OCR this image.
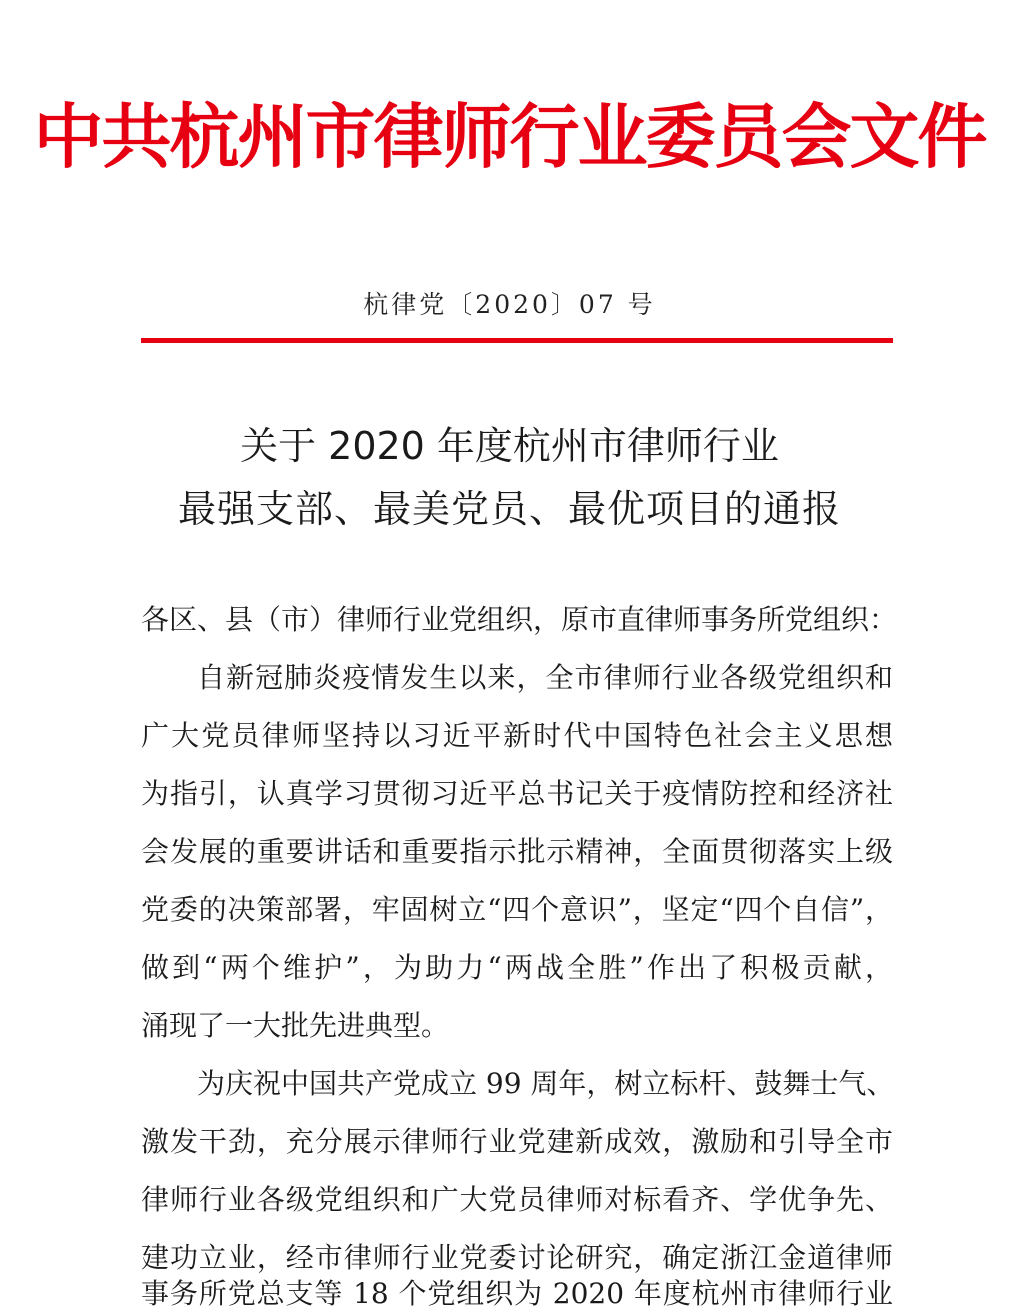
中共杭州市律师行业委员会文件
杭律党〔2020〕07 号
关于 2020 年度杭州市律师行业
最强支部、最美党员、最优项目的通报
各区、县（市）律师行业党组织，原市直律师事务所党组织：
自新冠肺炎疫情发生以来，全市律师行业各级党组织和
广大党员律师坚持以习近平新时代中国特色社会主义思想
为指引，认真学习贯彻习近平总书记关于疫情防控和经济社
会发展的重要讲话和重要指示批示精神，全面贯彻落实上级
党委的决策部署，牢固树立“四个意识”，坚定“四个自信”，
做到“两个维护”，为助力“两战全胜”作出了积极贡献，
涌现了一大批先进典型。
为庆祝中国共产党成立 99 周年，树立标杆、鼓舞士气、
激发干劲，充分展示律师行业党建新成效，激励和引导全市
律师行业各级党组织和广大党员律师对标看齐、学优争先、
建功立业，经市律师行业党委讨论研究，确定浙江金道律师
事务所党总支等 18 个党组织为 2020 年度杭州市律师行业
